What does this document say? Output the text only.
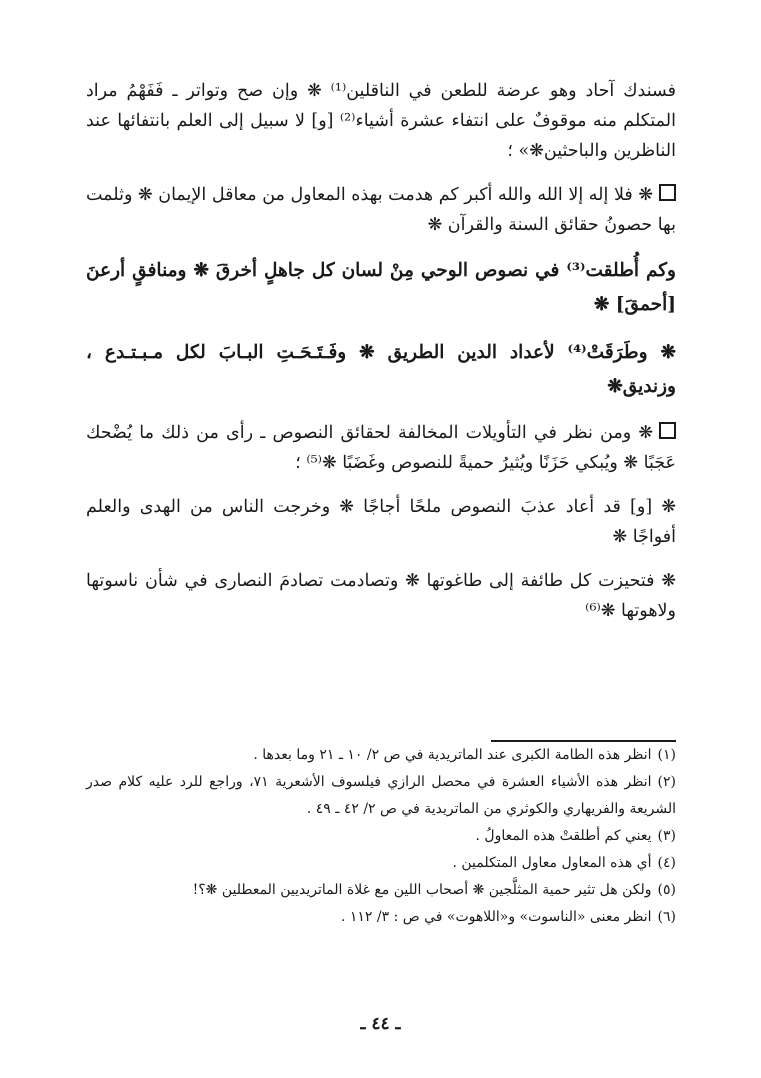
فسندك آحاد وهو عرضة للطعن في الناقلين⁽¹⁾ ❋ وإن صح وتواتر ـ فَفَهْمُ مراد المتكلم منه موقوفٌ على انتفاء عشرة أشياء⁽²⁾ [و] لا سبيل إلى العلم بانتفائها عند الناظرين والباحثين❋» ؛

❋ فلا إله إلا الله والله أكبر كم هدمت بهذه المعاول من معاقل الإيمان ❋ وثلمت بها حصونُ حقائق السنة والقرآن ❋

وكم أُطلقت⁽³⁾ في نصوص الوحي مِنْ لسان كل جاهلٍ أخرقَ ❋ ومنافقٍ أرعنَ [أحمقَ] ❋

❋ وطَرَقَتْ⁽⁴⁾ لأعداد الدين الطريق ❋ وفَـتَـحَـتِ البـابَ لكل مـبـتـدع ، وزنديق❋

❋ ومن نظر في التأويلات المخالفة لحقائق النصوص ـ رأى من ذلك ما يُضْحك عَجَبًا ❋ ويُبكي حَزَنًا ويُثيرُ حميةً للنصوص وغَضَبًا ❋⁽⁵⁾ ؛

❋ [و] قد أعاد عذبَ النصوص ملحًا أجاجًا ❋ وخرجت الناس من الهدى والعلم أفواجًا ❋

❋ فتحيزت كل طائفة إلى طاغوتها ❋ وتصادمت تصادمَ النصارى في شأن ناسوتها ولاهوتها ❋⁽⁶⁾

(١)انظر هذه الطامة الكبرى عند الماتريدية في ص ٢/ ١٠ ـ ٢١ وما بعدها .

(٢)انظر هذه الأشياء العشرة في محصل الرازي فيلسوف الأشعرية ٧١، وراجع للرد عليه كلام صدر الشريعة والفريهاري والكوثري من الماتريدية في ص ٢/ ٤٢ ـ ٤٩ .

(٣)يعني كم أطلقتْ هذه المعاولُ .

(٤)أي هذه المعاول معاول المتكلمين .

(٥)ولكن هل تثير حمية المثلَّجين ❋ أصحاب اللين مع غلاة الماتريديين المعطلين ❋؟!

(٦)انظر معنى «الناسوت» و«اللاهوت» في ص : ٣/ ١١٢ .

ـ ٤٤ ـ
